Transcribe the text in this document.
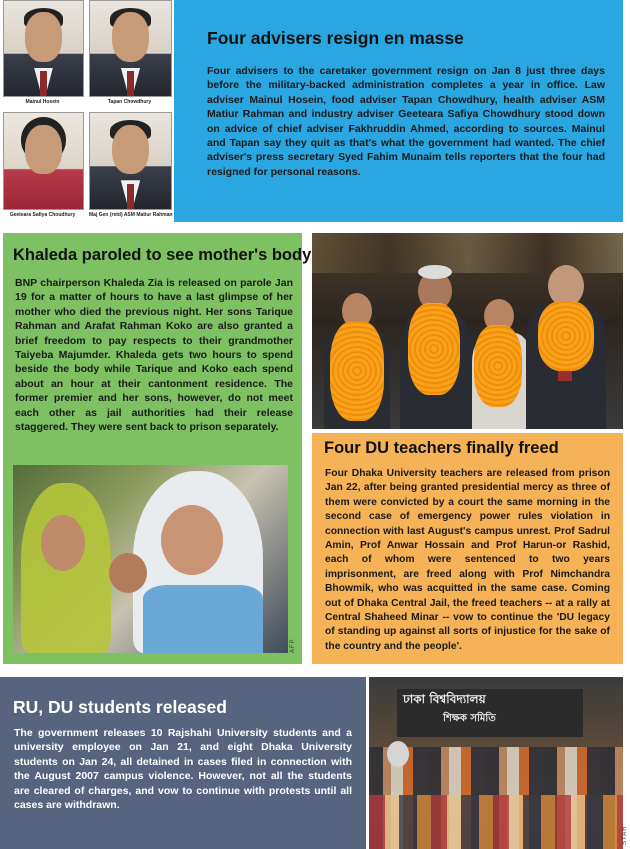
Mainul Hosein	Tapan Chowdhury
Geeteara Safiya Choudhury	Maj Gen (retd) ASM Matiur Rahman
Four advisers resign en masse
Four advisers to the caretaker government resign on Jan 8 just three days before the military-backed administration completes a year in office. Law adviser Mainul Hosein, food adviser Tapan Chowdhury, health adviser ASM Matiur Rahman and industry adviser Geeteara Safiya Chowdhury stood down on advice of chief adviser Fakhruddin Ahmed, according to sources. Mainul and Tapan say they quit as that's what the government had wanted. The chief adviser's press secretary Syed Fahim Munaim tells reporters that the four had resigned for personal reasons.
Khaleda paroled to see mother's body
BNP chairperson Khaleda Zia is released on parole Jan 19 for a matter of hours to have a last glimpse of her mother who died the previous night. Her sons Tarique Rahman and Arafat Rahman Koko are also granted a brief freedom to pay respects to their grandmother Taiyeba Majumder. Khaleda gets two hours to spend beside the body while Tarique and Koko each spend about an hour at their cantonment residence. The former premier and her sons, however, do not meet each other as jail authorities had their release staggered. They were sent back to prison separately.
AFP
STAR
Four DU teachers finally freed
Four Dhaka University teachers are released from prison Jan 22, after being granted presidential mercy as three of them were convicted by a court the same morning in the second case of emergency power rules violation in connection with last August's campus unrest. Prof Sadrul Amin, Prof Anwar Hossain and Prof Harun-or Rashid, each of whom were sentenced to two years imprisonment, are freed along with Prof Nimchandra Bhowmik, who was acquitted in the same case. Coming out of Dhaka Central Jail, the freed teachers -- at a rally at Central Shaheed Minar -- vow to continue the 'DU legacy of standing up against all sorts of injustice for the sake of the country and the people'.
RU, DU students released
The government releases 10 Rajshahi University students and a university employee on Jan 21, and eight Dhaka University students on Jan 24, all detained in cases filed in connection with the August 2007 campus violence. However, not all the students are cleared of charges, and vow to continue with protests until all cases are withdrawn.
ঢাকা বিশ্ববিদ্যালয়
শিক্ষক সমিতি
STAR
